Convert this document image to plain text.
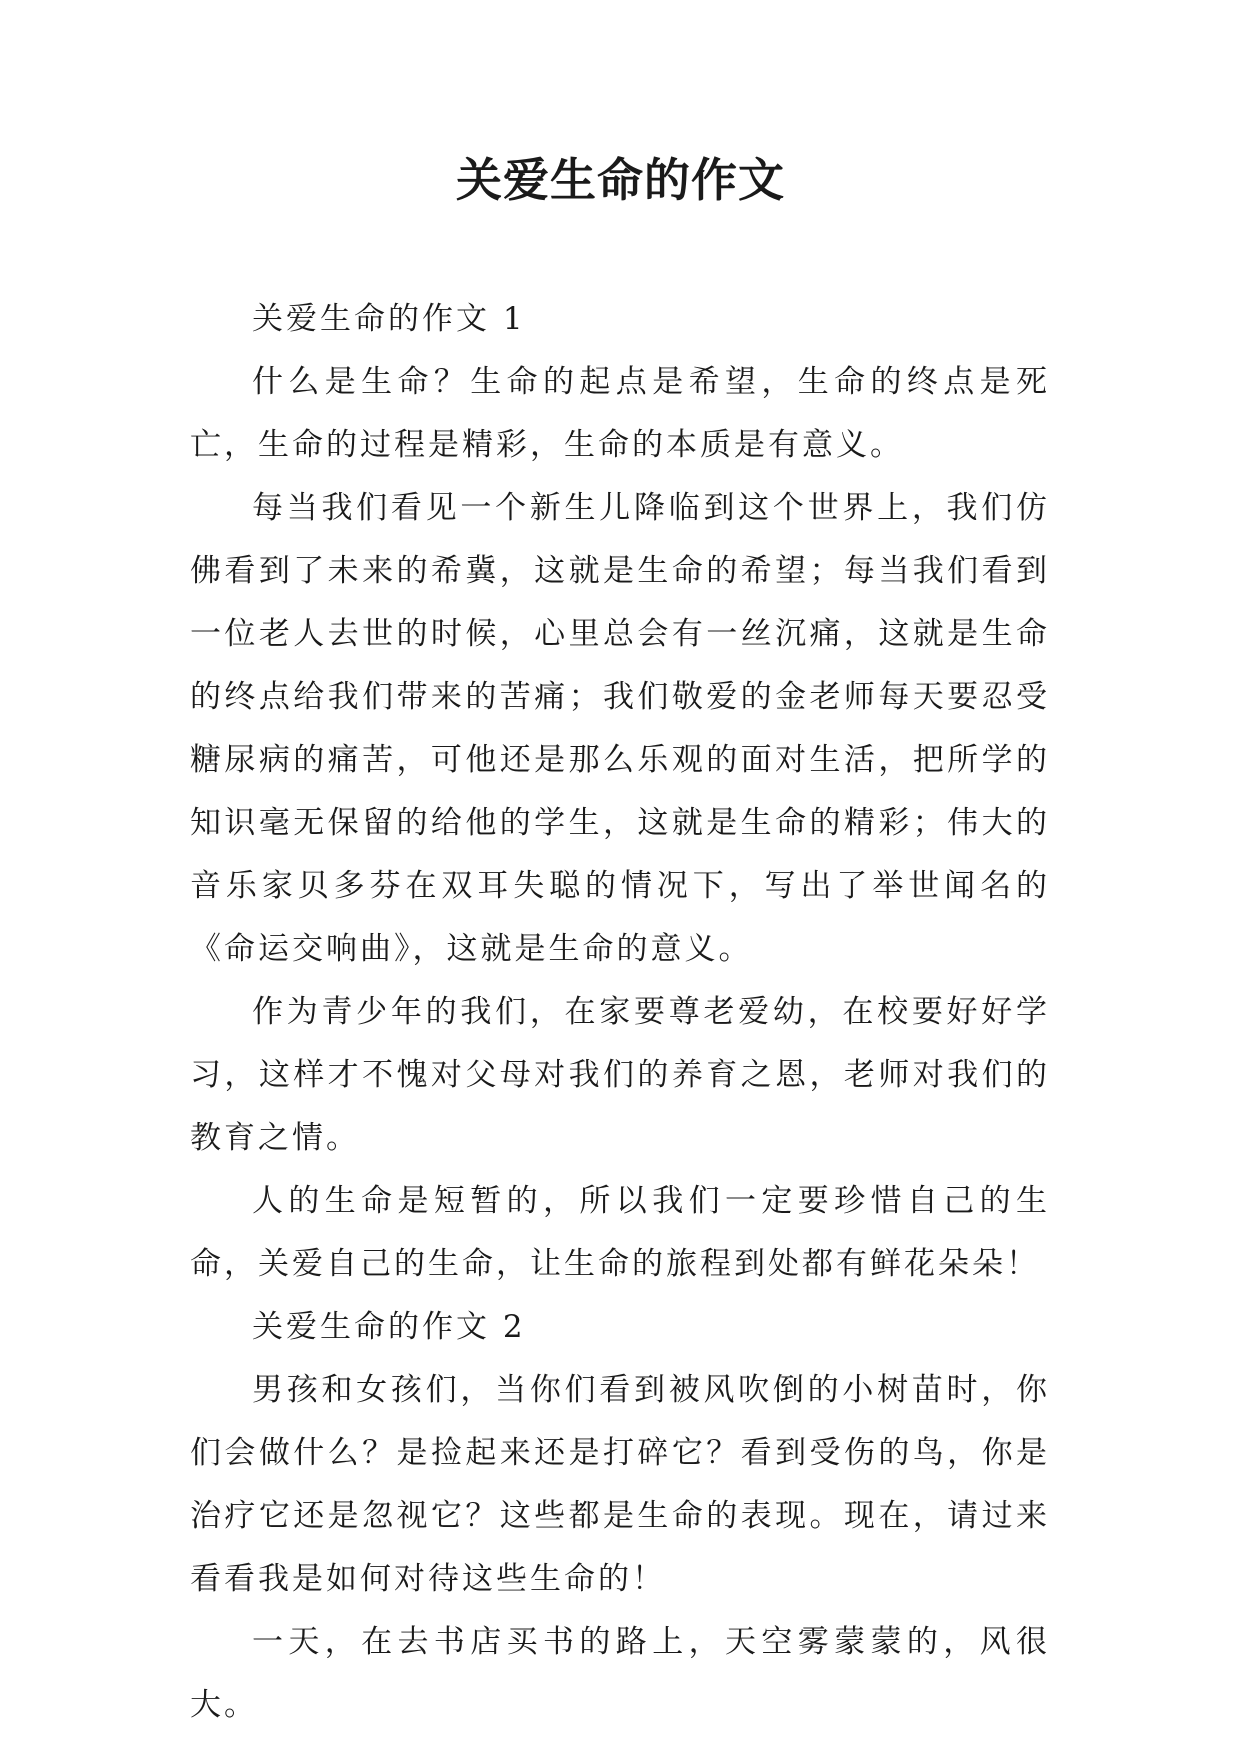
关爱生命的作文

关爱生命的作文 1

什么是生命？生命的起点是希望，生命的终点是死亡，生命的过程是精彩，生命的本质是有意义。

每当我们看见一个新生儿降临到这个世界上，我们仿佛看到了未来的希冀，这就是生命的希望；每当我们看到一位老人去世的时候，心里总会有一丝沉痛，这就是生命的终点给我们带来的苦痛；我们敬爱的金老师每天要忍受糖尿病的痛苦，可他还是那么乐观的面对生活，把所学的知识毫无保留的给他的学生，这就是生命的精彩；伟大的音乐家贝多芬在双耳失聪的情况下，写出了举世闻名的《命运交响曲》，这就是生命的意义。

作为青少年的我们，在家要尊老爱幼，在校要好好学习，这样才不愧对父母对我们的养育之恩，老师对我们的教育之情。

人的生命是短暂的，所以我们一定要珍惜自己的生命，关爱自己的生命，让生命的旅程到处都有鲜花朵朵！

关爱生命的作文 2

男孩和女孩们，当你们看到被风吹倒的小树苗时，你们会做什么？是捡起来还是打碎它？看到受伤的鸟，你是治疗它还是忽视它？这些都是生命的表现。现在，请过来看看我是如何对待这些生命的！

一天，在去书店买书的路上，天空雾蒙蒙的，风很大。
